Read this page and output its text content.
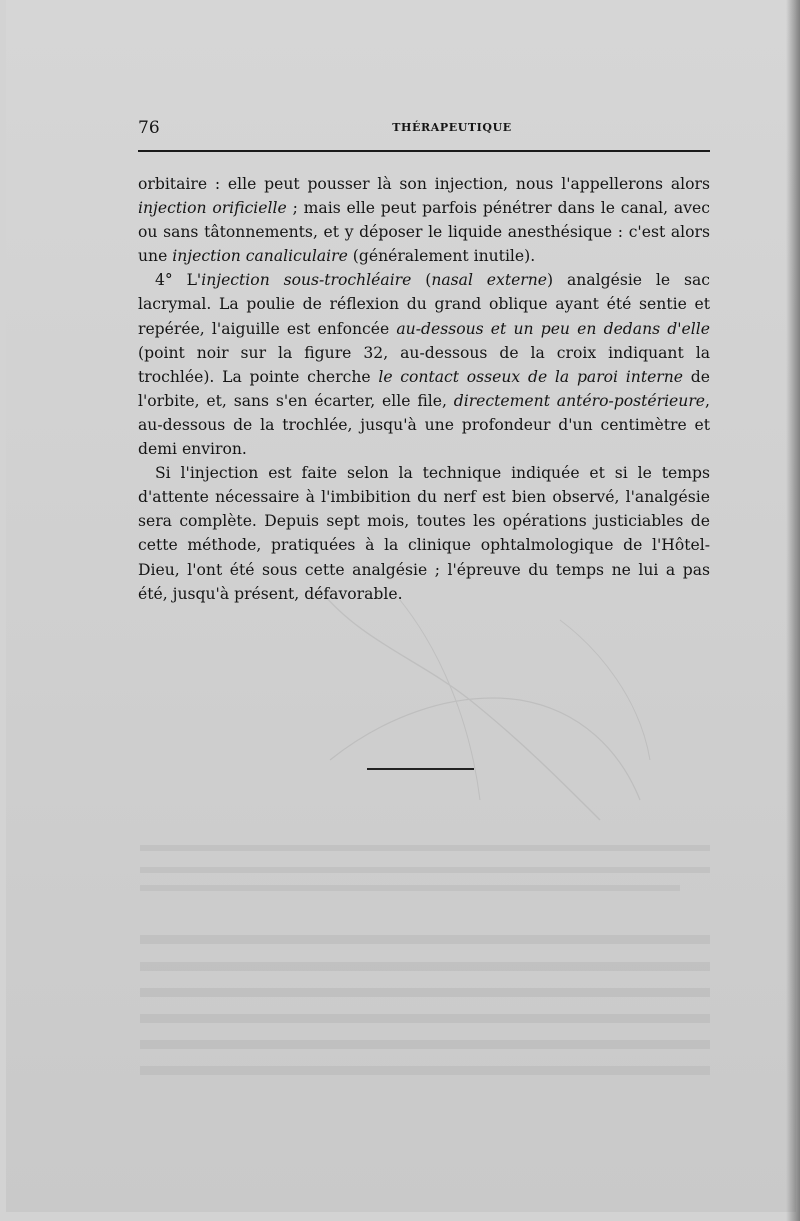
76	THÉRAPEUTIQUE

orbitaire : elle peut pousser là son injection, nous l'appellerons alors injection orificielle ; mais elle peut parfois pénétrer dans le canal, avec ou sans tâtonnements, et y déposer le liquide anesthésique : c'est alors une injection canaliculaire (généralement inutile).

4° L'injection sous-trochléaire (nasal externe) analgésie le sac lacrymal. La poulie de réflexion du grand oblique ayant été sentie et repérée, l'aiguille est enfoncée au-dessous et un peu en dedans d'elle (point noir sur la figure 32, au-dessous de la croix indiquant la trochlée). La pointe cherche le contact osseux de la paroi interne de l'orbite, et, sans s'en écarter, elle file, directement antéro-postérieure, au-dessous de la trochlée, jusqu'à une profondeur d'un centimètre et demi environ.

Si l'injection est faite selon la technique indiquée et si le temps d'attente nécessaire à l'imbibition du nerf est bien observé, l'analgésie sera complète. Depuis sept mois, toutes les opérations justiciables de cette méthode, pratiquées à la clinique ophtalmologique de l'Hôtel-Dieu, l'ont été sous cette analgésie ; l'épreuve du temps ne lui a pas été, jusqu'à présent, défavorable.
